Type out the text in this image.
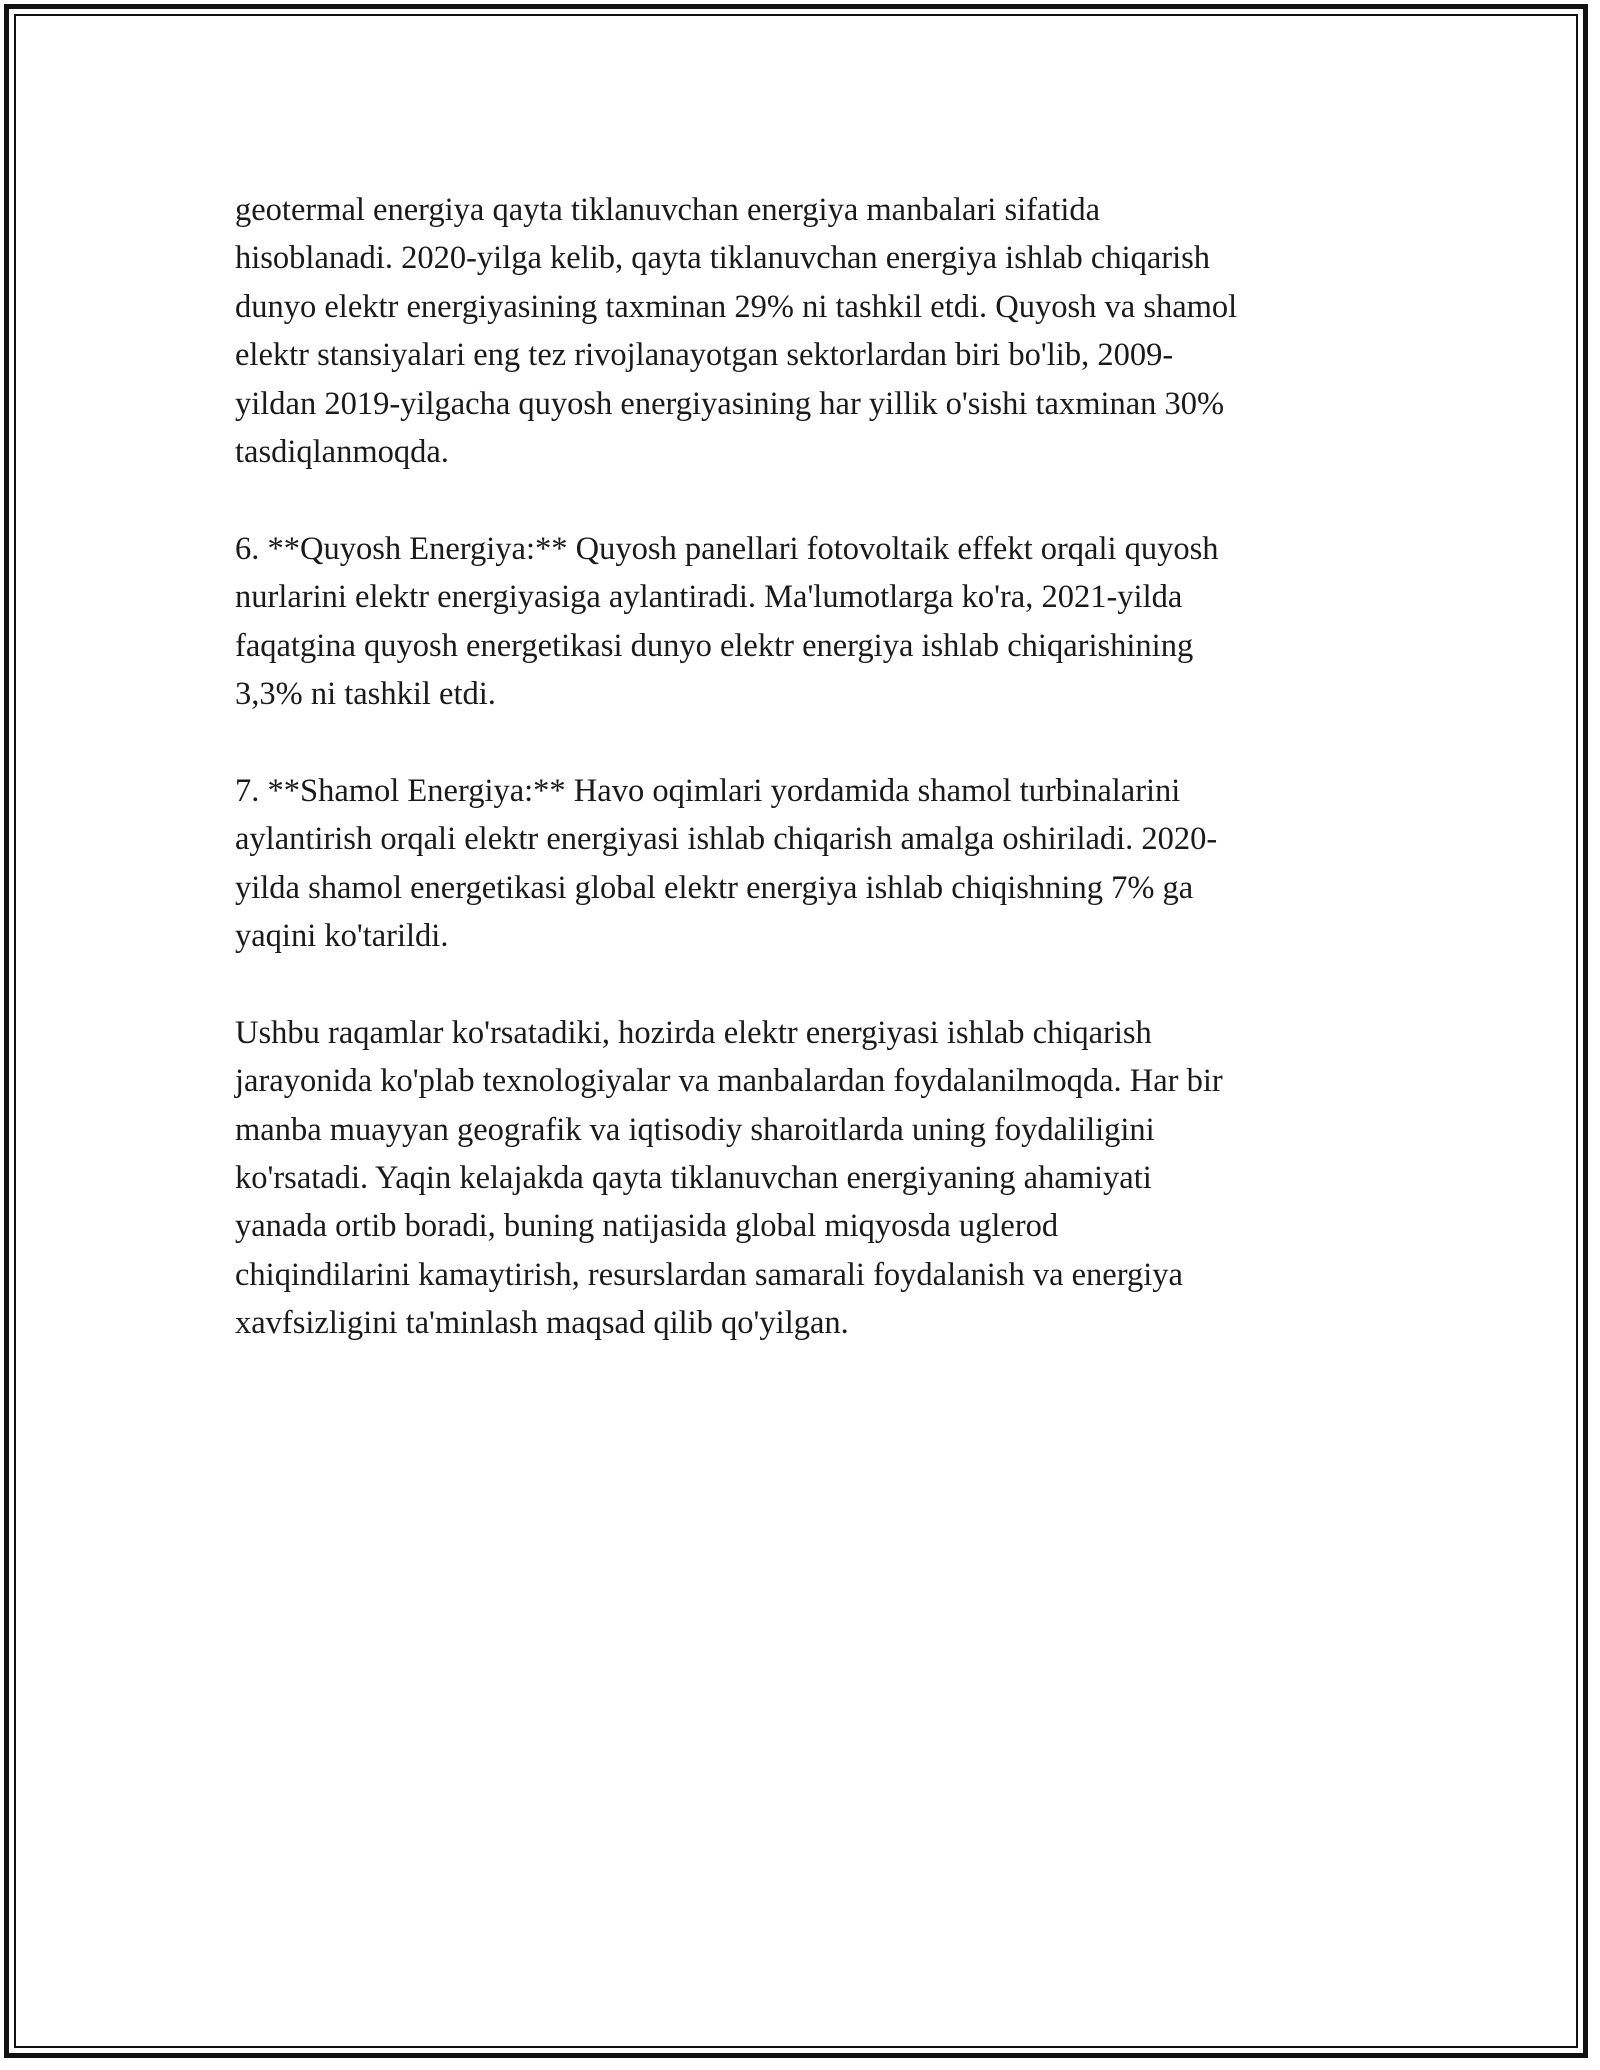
geotermal energiya qayta tiklanuvchan energiya manbalari sifatida
hisoblanadi. 2020-yilga kelib, qayta tiklanuvchan energiya ishlab chiqarish
dunyo elektr energiyasining taxminan 29% ni tashkil etdi. Quyosh va shamol
elektr stansiyalari eng tez rivojlanayotgan sektorlardan biri bo'lib, 2009-
yildan 2019-yilgacha quyosh energiyasining har yillik o'sishi taxminan 30%
tasdiqlanmoqda.

6. **Quyosh Energiya:** Quyosh panellari fotovoltaik effekt orqali quyosh
nurlarini elektr energiyasiga aylantiradi. Ma'lumotlarga ko'ra, 2021-yilda
faqatgina quyosh energetikasi dunyo elektr energiya ishlab chiqarishining
3,3% ni tashkil etdi.

7. **Shamol Energiya:** Havo oqimlari yordamida shamol turbinalarini
aylantirish orqali elektr energiyasi ishlab chiqarish amalga oshiriladi. 2020-
yilda shamol energetikasi global elektr energiya ishlab chiqishning 7% ga
yaqini ko'tarildi.

Ushbu raqamlar ko'rsatadiki, hozirda elektr energiyasi ishlab chiqarish
jarayonida ko'plab texnologiyalar va manbalardan foydalanilmoqda. Har bir
manba muayyan geografik va iqtisodiy sharoitlarda uning foydaliligini
ko'rsatadi. Yaqin kelajakda qayta tiklanuvchan energiyaning ahamiyati
yanada ortib boradi, buning natijasida global miqyosda uglerod
chiqindilarini kamaytirish, resurslardan samarali foydalanish va energiya
xavfsizligini ta'minlash maqsad qilib qo'yilgan.
